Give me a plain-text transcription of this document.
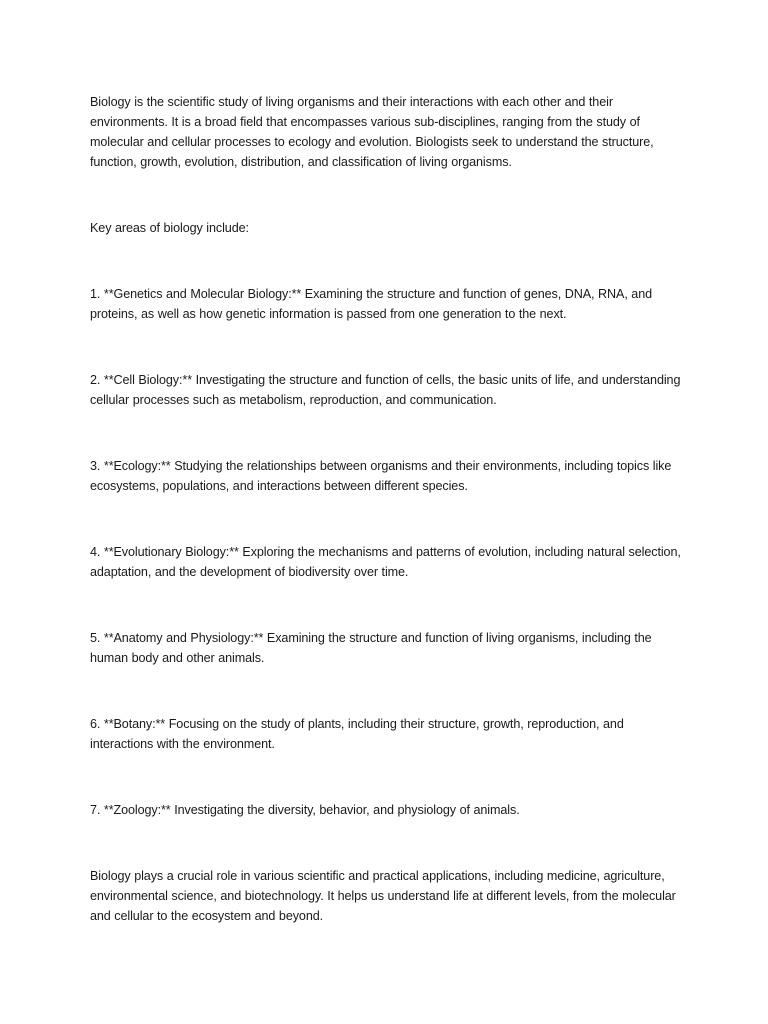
Biology is the scientific study of living organisms and their interactions with each other and their environments. It is a broad field that encompasses various sub-disciplines, ranging from the study of molecular and cellular processes to ecology and evolution. Biologists seek to understand the structure, function, growth, evolution, distribution, and classification of living organisms.

Key areas of biology include:

1. **Genetics and Molecular Biology:** Examining the structure and function of genes, DNA, RNA, and proteins, as well as how genetic information is passed from one generation to the next.

2. **Cell Biology:** Investigating the structure and function of cells, the basic units of life, and understanding cellular processes such as metabolism, reproduction, and communication.

3. **Ecology:** Studying the relationships between organisms and their environments, including topics like ecosystems, populations, and interactions between different species.

4. **Evolutionary Biology:** Exploring the mechanisms and patterns of evolution, including natural selection, adaptation, and the development of biodiversity over time.

5. **Anatomy and Physiology:** Examining the structure and function of living organisms, including the human body and other animals.

6. **Botany:** Focusing on the study of plants, including their structure, growth, reproduction, and interactions with the environment.

7. **Zoology:** Investigating the diversity, behavior, and physiology of animals.

Biology plays a crucial role in various scientific and practical applications, including medicine, agriculture, environmental science, and biotechnology. It helps us understand life at different levels, from the molecular and cellular to the ecosystem and beyond.
